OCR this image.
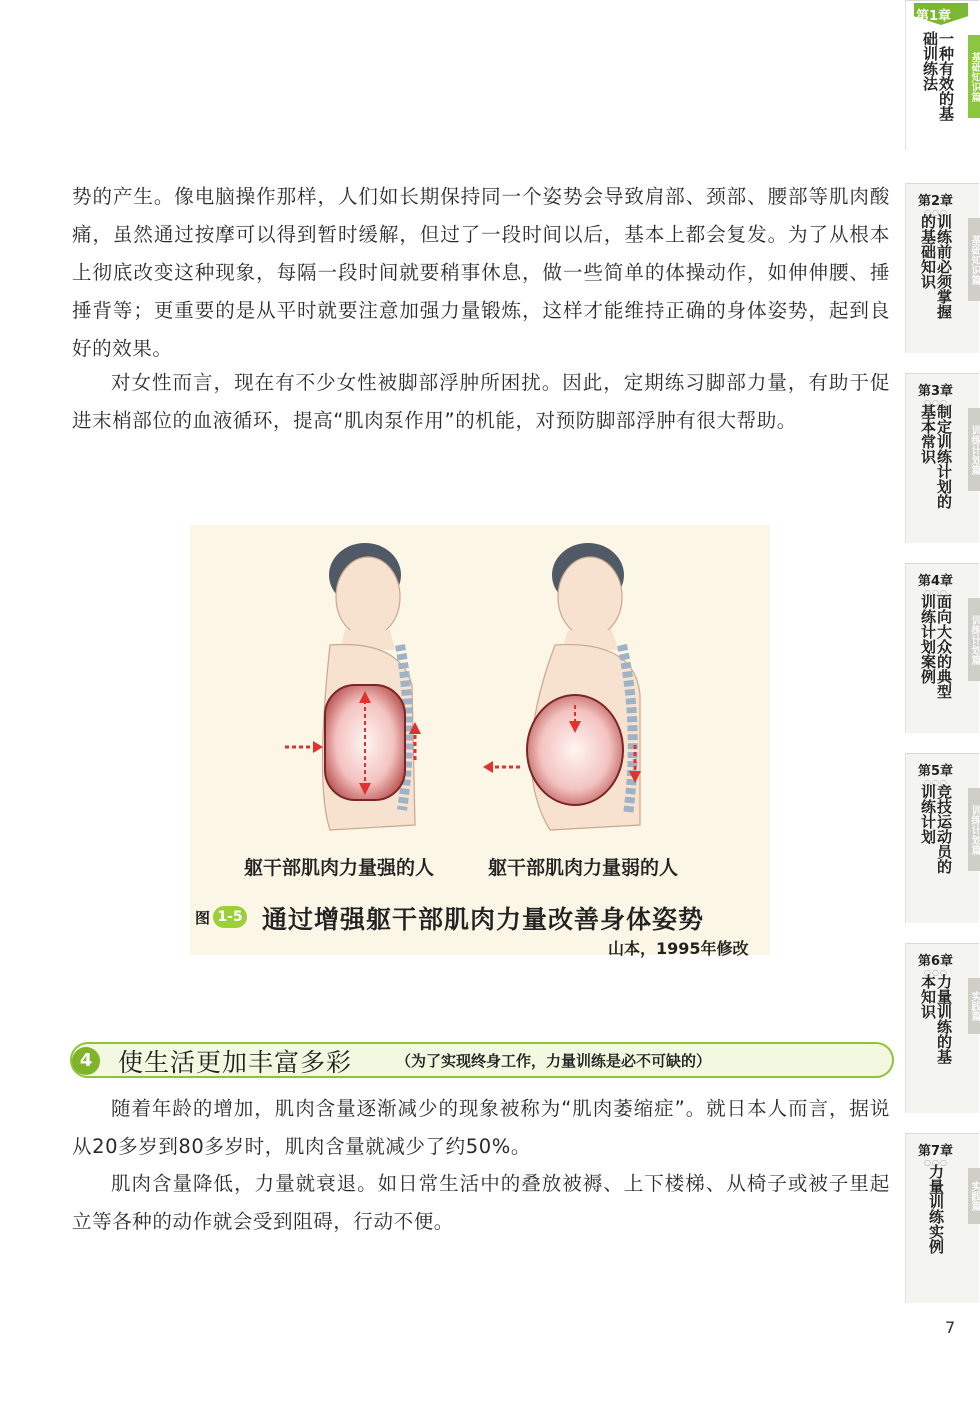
势的产生。像电脑操作那样，人们如长期保持同一个姿势会导致肩部、颈部、腰部等肌肉酸痛，虽然通过按摩可以得到暂时缓解，但过了一段时间以后，基本上都会复发。为了从根本上彻底改变这种现象，每隔一段时间就要稍事休息，做一些简单的体操动作，如伸伸腰、捶捶背等；更重要的是从平时就要注意加强力量锻炼，这样才能维持正确的身体姿势，起到良好的效果。

对女性而言，现在有不少女性被脚部浮肿所困扰。因此，定期练习脚部力量，有助于促进末梢部位的血液循环，提高“肌肉泵作用”的机能，对预防脚部浮肿有很大帮助。

躯干部肌肉力量强的人	躯干部肌肉力量弱的人
图 1-5 通过增强躯干部肌肉力量改善身体姿势
山本，1995年修改
4	使生活更加丰富多彩	（为了实现终身工作，力量训练是必不可缺的）

随着年龄的增加，肌肉含量逐渐减少的现象被称为“肌肉萎缩症”。就日本人而言，据说从20多岁到80多岁时，肌肉含量就减少了约50%。

肌肉含量降低，力量就衰退。如日常生活中的叠放被褥、上下楼梯、从椅子或被子里起立等各种的动作就会受到阻碍，行动不便。

第1章
一种有效的基础训练法	基础知识篇
第2章
○○○
训练前必须掌握的基础知识	基础知识篇
第3章
○○○
制定训练计划的基本常识	训练计划篇
第4章
○○○
面向大众的典型训练计划案例	训练计划篇
第5章
○○○
竞技运动员的训练计划	训练计划篇
第6章
○○○
力量训练的基本知识	实践篇
第7章
○○○
力量训练实例 实践篇
7
